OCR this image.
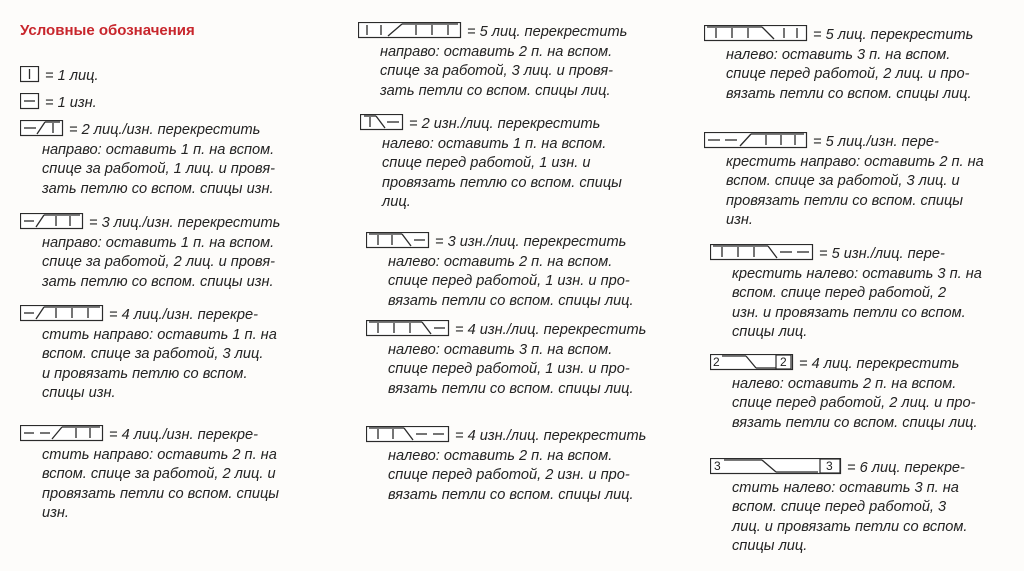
Условные обозначения
= 1 лиц.
= 1 изн.
= 2 лиц./изн. перекрестить
направо: оставить 1 п. на вспом.
спице за работой, 1 лиц. и провя-
зать петлю со вспом. спицы изн.
= 3 лиц./изн. перекрестить
направо: оставить 1 п. на вспом.
спице за работой, 2 лиц. и провя-
зать петлю со вспом. спицы изн.
= 4 лиц./изн. перекре-
стить направо: оставить 1 п. на
вспом. спице за работой, 3 лиц.
и провязать петлю со вспом.
спицы изн.
= 4 лиц./изн. перекре-
стить направо: оставить 2 п. на
вспом. спице за работой, 2 лиц. и
провязать петли со вспом. спицы
изн.
= 5 лиц. перекрестить
направо: оставить 2 п. на вспом.
спице за работой, 3 лиц. и провя-
зать петли со вспом. спицы лиц.
= 2 изн./лиц. перекрестить
налево: оставить 1 п. на вспом.
спице перед работой, 1 изн. и
провязать петлю со вспом. спицы
лиц.
= 3 изн./лиц. перекрестить
налево: оставить 2 п. на вспом.
спице перед работой, 1 изн. и про-
вязать петли со вспом. спицы лиц.
= 4 изн./лиц. перекрестить
налево: оставить 3 п. на вспом.
спице перед работой, 1 изн. и про-
вязать петли со вспом. спицы лиц.
= 4 изн./лиц. перекрестить
налево: оставить 2 п. на вспом.
спице перед работой, 2 изн. и про-
вязать петли со вспом. спицы лиц.
= 5 лиц. перекрестить
налево: оставить 3 п. на вспом.
спице перед работой, 2 лиц. и про-
вязать петли со вспом. спицы лиц.
= 5 лиц./изн. пере-
крестить направо: оставить 2 п. на
вспом. спице за работой, 3 лиц. и
провязать петли со вспом. спицы
изн.
= 5 изн./лиц. пере-
крестить налево: оставить 3 п. на
вспом. спице перед работой, 2
изн. и провязать петли со вспом.
спицы лиц.
2	2 = 4 лиц. перекрестить
налево: оставить 2 п. на вспом.
спице перед работой, 2 лиц. и про-
вязать петли со вспом. спицы лиц.
3	3 = 6 лиц. перекре-
стить налево: оставить 3 п. на
вспом. спице перед работой, 3
лиц. и провязать петли со вспом.
спицы лиц.
